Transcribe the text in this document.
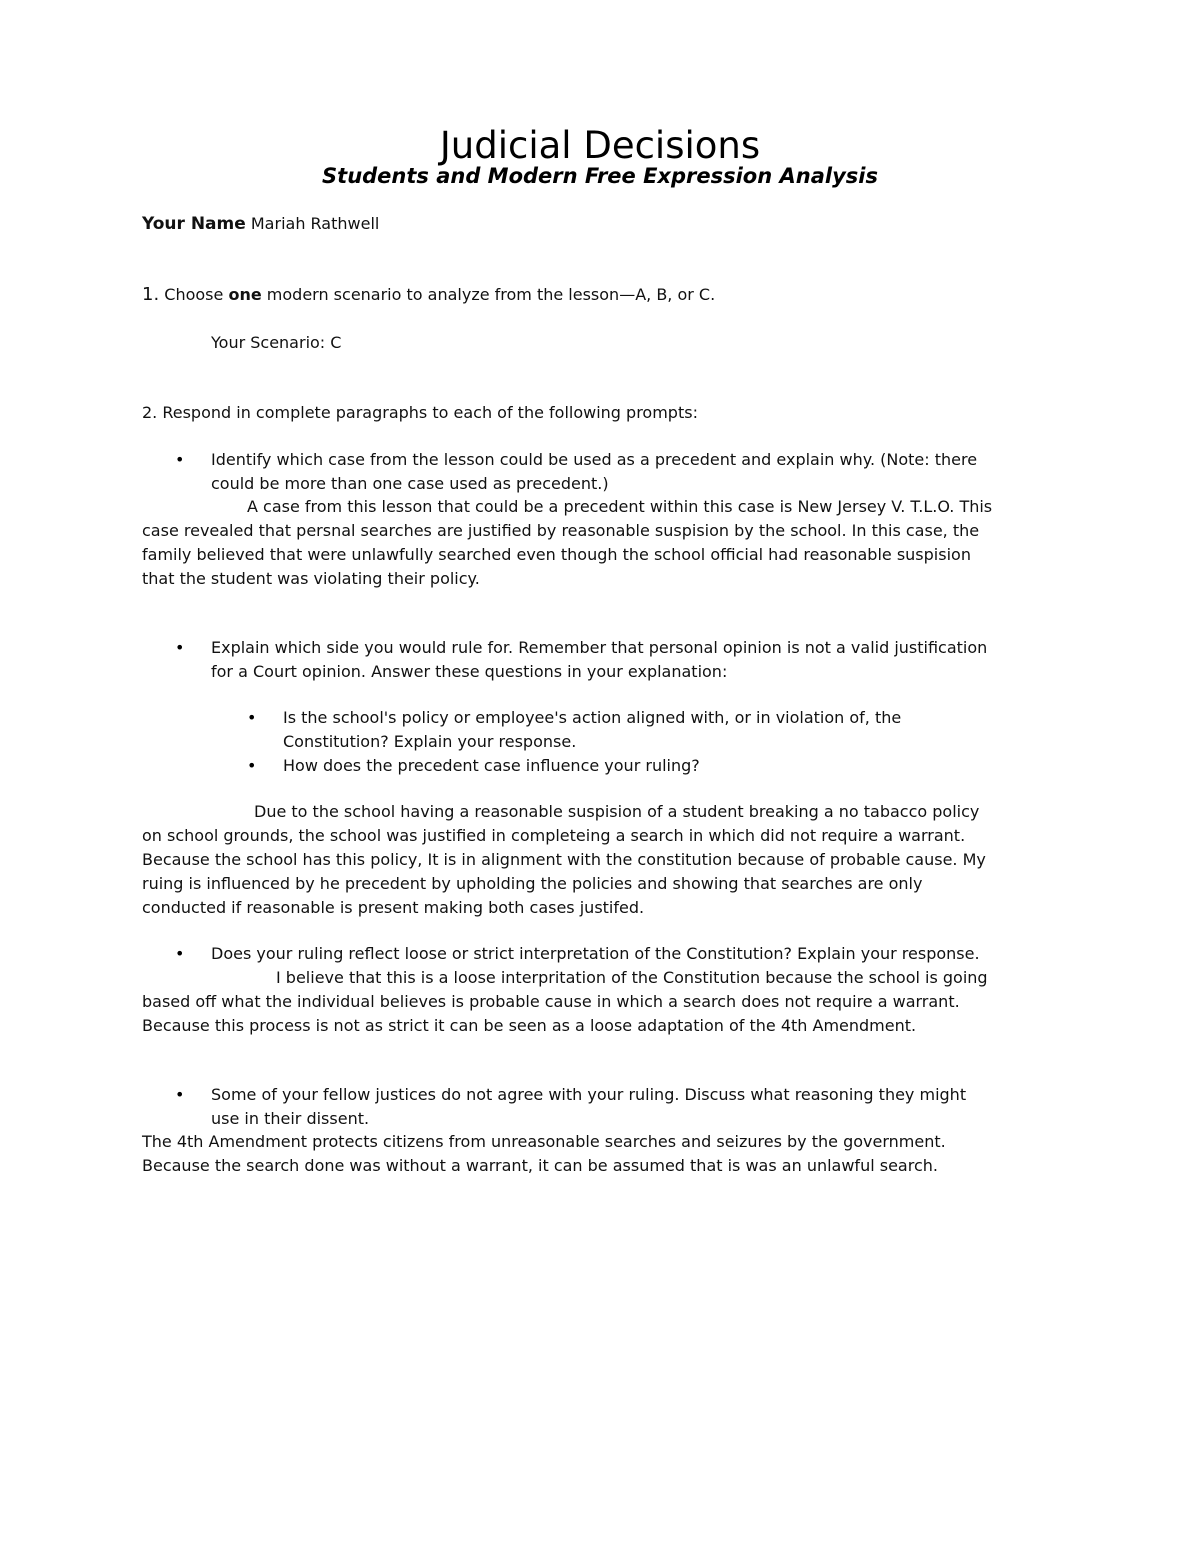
Judicial Decisions
Students and Modern Free Expression Analysis
Your Name Mariah Rathwell
1. Choose one modern scenario to analyze from the lesson—A, B, or C.
Your Scenario: C
2. Respond in complete paragraphs to each of the following prompts:
• Identify which case from the lesson could be used as a precedent and explain why. (Note: there
could be more than one case used as precedent.)

A case from this lesson that could be a precedent within this case is New Jersey V. T.L.O. This

case revealed that persnal searches are justified by reasonable suspision by the school. In this case, the

family believed that were unlawfully searched even though the school official had reasonable suspision

that the student was violating their policy.

• Explain which side you would rule for. Remember that personal opinion is not a valid justification
for a Court opinion. Answer these questions in your explanation:
• Is the school's policy or employee's action aligned with, or in violation of, the
Constitution? Explain your response.
• How does the precedent case influence your ruling?

Due to the school having a reasonable suspision of a student breaking a no tabacco policy

on school grounds, the school was justified in completeing a search in which did not require a warrant.

Because the school has this policy, It is in alignment with the constitution because of probable cause. My

ruing is influenced by he precedent by upholding the policies and showing that searches are only

conducted if reasonable is present making both cases justifed.

• Does your ruling reflect loose or strict interpretation of the Constitution? Explain your response.

I believe that this is a loose interpritation of the Constitution because the school is going

based off what the individual believes is probable cause in which a search does not require a warrant.

Because this process is not as strict it can be seen as a loose adaptation of the 4th Amendment.

• Some of your fellow justices do not agree with your ruling. Discuss what reasoning they might
use in their dissent.

The 4th Amendment protects citizens from unreasonable searches and seizures by the government.

Because the search done was without a warrant, it can be assumed that is was an unlawful search.
